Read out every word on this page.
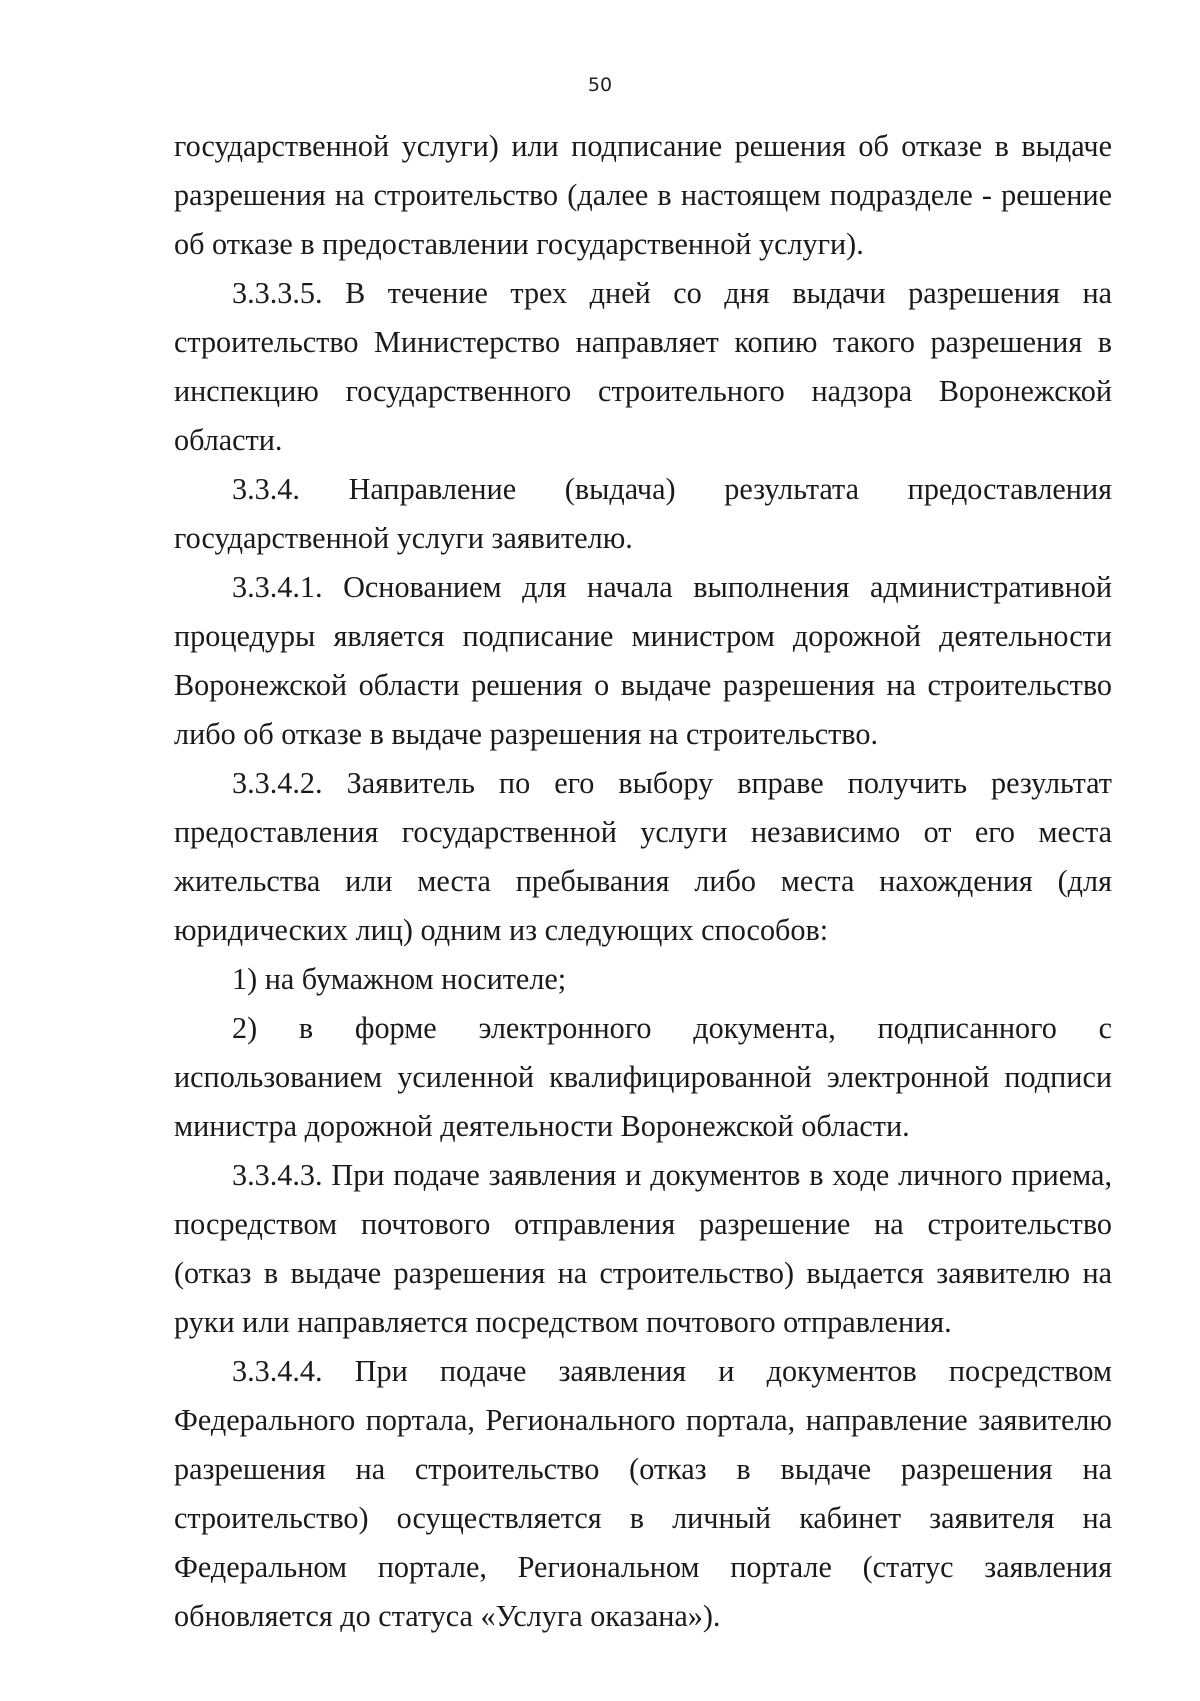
50

государственной услуги) или подписание решения об отказе в выдаче разрешения на строительство (далее в настоящем подразделе - решение об отказе в предоставлении государственной услуги).

3.3.3.5. В течение трех дней со дня выдачи разрешения на строительство Министерство направляет копию такого разрешения в инспекцию государственного строительного надзора Воронежской области.

3.3.4. Направление (выдача) результата предоставления государственной услуги заявителю.

3.3.4.1. Основанием для начала выполнения административной процедуры является подписание министром дорожной деятельности Воронежской области решения о выдаче разрешения на строительство либо об отказе в выдаче разрешения на строительство.

3.3.4.2. Заявитель по его выбору вправе получить результат предоставления государственной услуги независимо от его места жительства или места пребывания либо места нахождения (для юридических лиц) одним из следующих способов:

1) на бумажном носителе;

2) в форме электронного документа, подписанного с использованием усиленной квалифицированной электронной подписи министра дорожной деятельности Воронежской области.

3.3.4.3. При подаче заявления и документов в ходе личного приема, посредством почтового отправления разрешение на строительство (отказ в выдаче разрешения на строительство) выдается заявителю на руки или направляется посредством почтового отправления.

3.3.4.4. При подаче заявления и документов посредством Федерального портала, Регионального портала, направление заявителю разрешения на строительство (отказ в выдаче разрешения на строительство) осуществляется в личный кабинет заявителя на Федеральном портале, Региональном портале (статус заявления обновляется до статуса «Услуга оказана»).
